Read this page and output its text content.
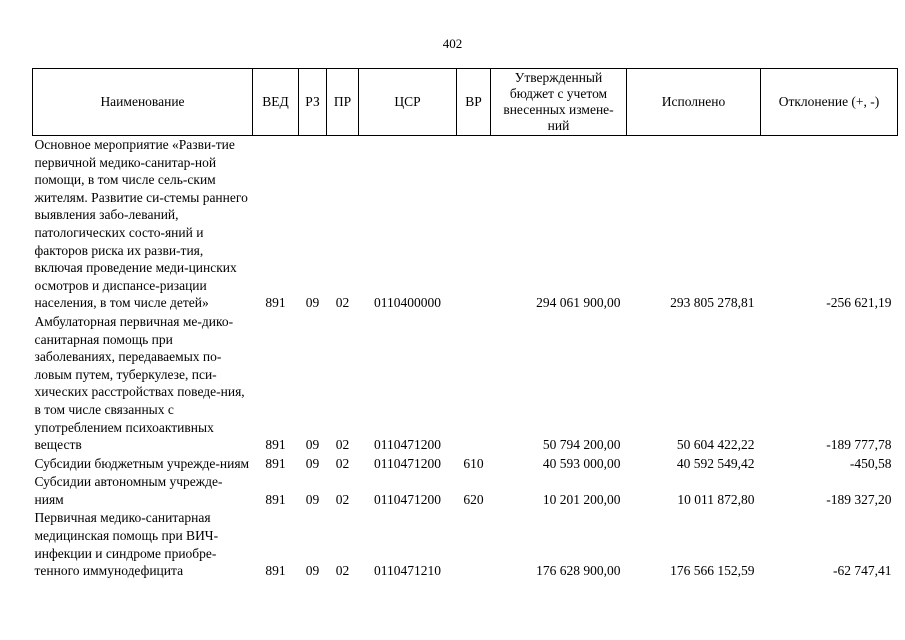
402
Наименование	ВЕД	РЗ	ПР	ЦСР	ВР	Утвержденный бюджет с учетом внесенных измене-ний	Исполнено	Отклонение (+, -)
Основное мероприятие «Разви-тие первичной медико-санитар-ной помощи, в том числе сель-ским жителям. Развитие си-стемы раннего выявления забо-леваний, патологических состо-яний и факторов риска их разви-тия, включая проведение меди-цинских осмотров и диспансе-ризации населения, в том числе детей»	891	09	02	0110400000		294 061 900,00	293 805 278,81	-256 621,19
Амбулаторная первичная ме-дико-санитарная помощь при заболеваниях, передаваемых по-ловым путем, туберкулезе, пси-хических расстройствах поведе-ния, в том числе связанных с употреблением психоактивных веществ	891	09	02	0110471200		50 794 200,00	50 604 422,22	-189 777,78
Субсидии бюджетным учрежде-ниям	891	09	02	0110471200	610	40 593 000,00	40 592 549,42	-450,58
Субсидии автономным учрежде-ниям	891	09	02	0110471200	620	10 201 200,00	10 011 872,80	-189 327,20
Первичная медико-санитарная медицинская помощь при ВИЧ-инфекции и синдроме приобре-тенного иммунодефицита	891	09	02	0110471210		176 628 900,00	176 566 152,59	-62 747,41
